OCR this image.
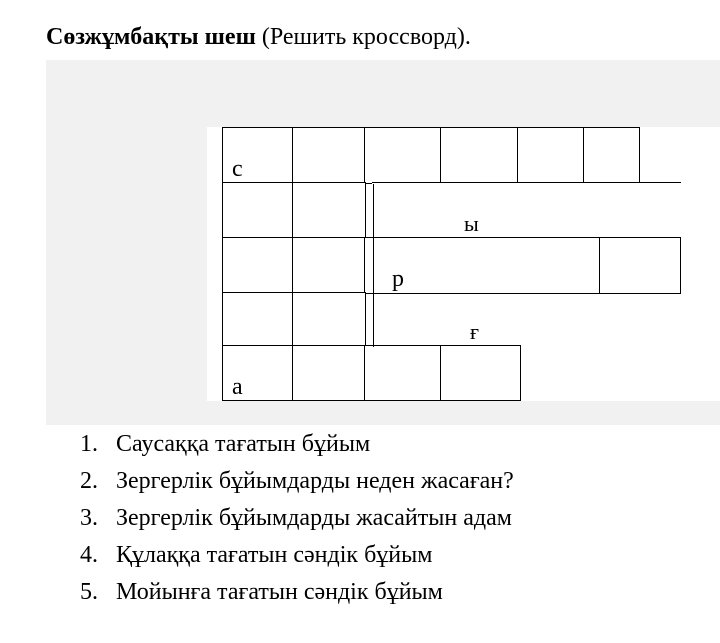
Сөзжұмбақты шеш (Решить кроссворд).
с
ы
р
ғ
а
1. Саусаққа тағатын бұйым
2. Зергерлік бұйымдарды неден жасаған?
3. Зергерлік бұйымдарды жасайтын адам
4. Құлаққа тағатын сәндік бұйым
5. Мойынға тағатын сәндік бұйым
